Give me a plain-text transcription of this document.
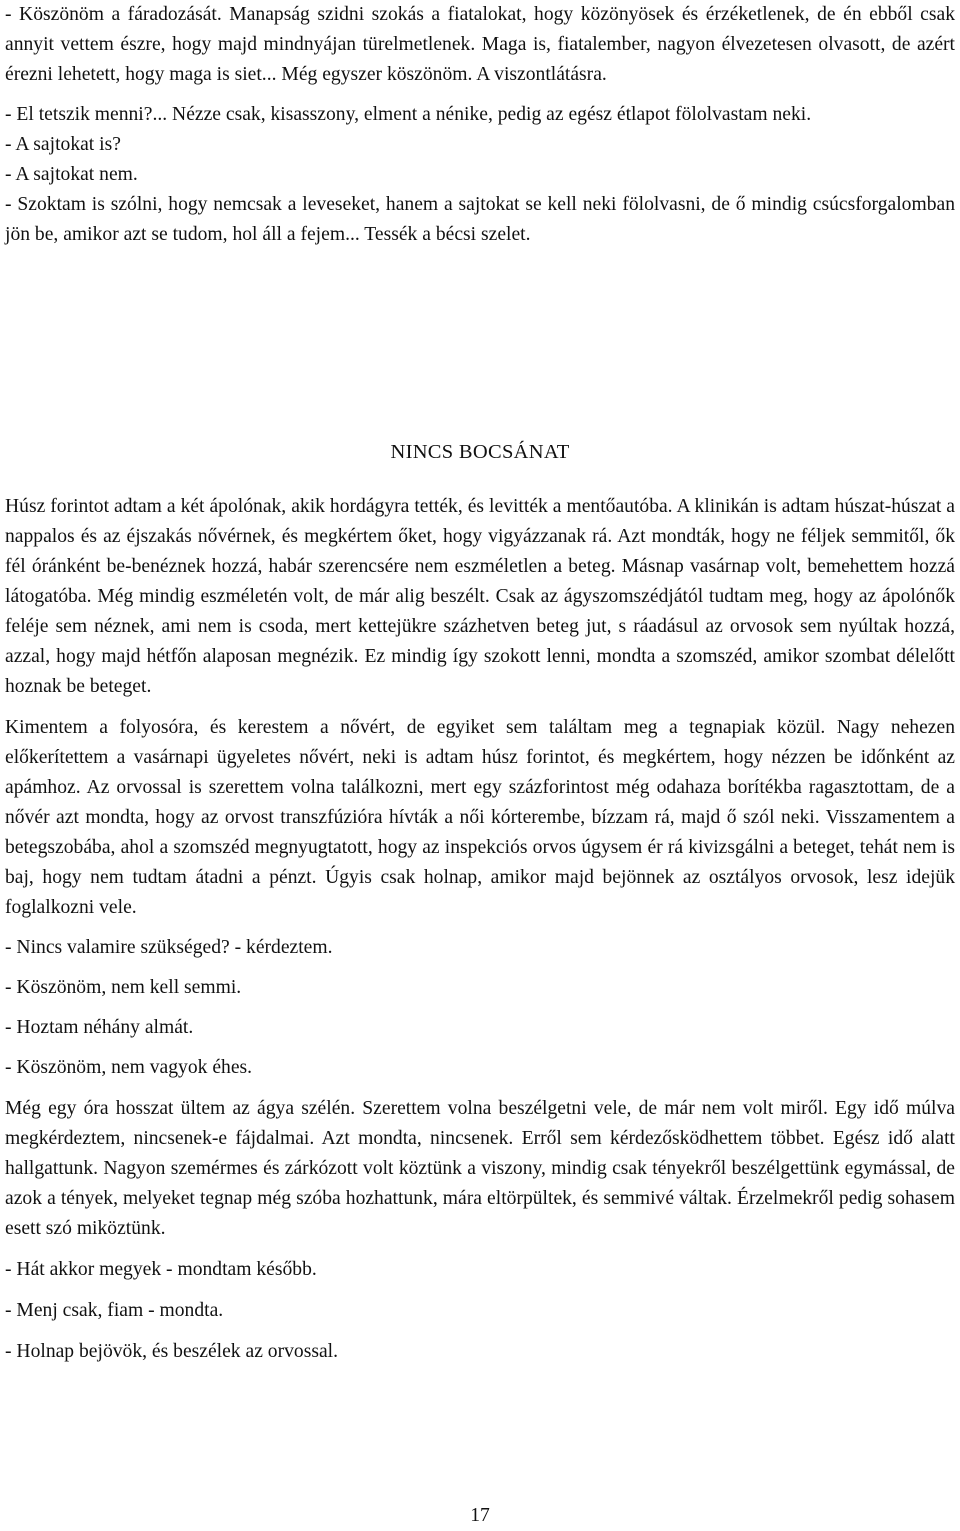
- Köszönöm a fáradozását. Manapság szidni szokás a fiatalokat, hogy közönyösek és érzéketlenek, de én ebből csak annyit vettem észre, hogy majd mindnyájan türelmetlenek. Maga is, fiatalember, nagyon élvezetesen olvasott, de azért érezni lehetett, hogy maga is siet... Még egyszer köszönöm. A viszontlátásra.

- El tetszik menni?... Nézze csak, kisasszony, elment a nénike, pedig az egész étlapot fölolvastam neki.

- A sajtokat is?

- A sajtokat nem.

- Szoktam is szólni, hogy nemcsak a leveseket, hanem a sajtokat se kell neki fölolvasni, de ő mindig csúcsforgalomban jön be, amikor azt se tudom, hol áll a fejem... Tessék a bécsi szelet.

NINCS BOCSÁNAT

Húsz forintot adtam a két ápolónak, akik hordágyra tették, és levitték a mentőautóba. A klinikán is adtam húszat-húszat a nappalos és az éjszakás nővérnek, és megkértem őket, hogy vigyázzanak rá. Azt mondták, hogy ne féljek semmitől, ők fél óránként be-benéznek hozzá, habár szerencsére nem eszméletlen a beteg. Másnap vasárnap volt, bemehettem hozzá látogatóba. Még mindig eszméletén volt, de már alig beszélt. Csak az ágyszomszédjától tudtam meg, hogy az ápolónők feléje sem néznek, ami nem is csoda, mert kettejükre százhetven beteg jut, s ráadásul az orvosok sem nyúltak hozzá, azzal, hogy majd hétfőn alaposan megnézik. Ez mindig így szokott lenni, mondta a szomszéd, amikor szombat délelőtt hoznak be beteget.

Kimentem a folyosóra, és kerestem a nővért, de egyiket sem találtam meg a tegnapiak közül. Nagy nehezen előkerítettem a vasárnapi ügyeletes nővért, neki is adtam húsz forintot, és megkértem, hogy nézzen be időnként az apámhoz. Az orvossal is szerettem volna találkozni, mert egy százforintost még odahaza borítékba ragasztottam, de a nővér azt mondta, hogy az orvost transzfúzióra hívták a női kórterembe, bízzam rá, majd ő szól neki. Visszamentem a betegszobába, ahol a szomszéd megnyugtatott, hogy az inspekciós orvos úgysem ér rá kivizsgálni a beteget, tehát nem is baj, hogy nem tudtam átadni a pénzt. Úgyis csak holnap, amikor majd bejönnek az osztályos orvosok, lesz idejük foglalkozni vele.

- Nincs valamire szükséged? - kérdeztem.

- Köszönöm, nem kell semmi.

- Hoztam néhány almát.

- Köszönöm, nem vagyok éhes.

Még egy óra hosszat ültem az ágya szélén. Szerettem volna beszélgetni vele, de már nem volt miről. Egy idő múlva megkérdeztem, nincsenek-e fájdalmai. Azt mondta, nincsenek. Erről sem kérdezősködhettem többet. Egész idő alatt hallgattunk. Nagyon szemérmes és zárkózott volt köztünk a viszony, mindig csak tényekről beszélgettünk egymással, de azok a tények, melyeket tegnap még szóba hozhattunk, mára eltörpültek, és semmivé váltak. Érzelmekről pedig sohasem esett szó miköztünk.

- Hát akkor megyek - mondtam később.

- Menj csak, fiam - mondta.

- Holnap bejövök, és beszélek az orvossal.

17
